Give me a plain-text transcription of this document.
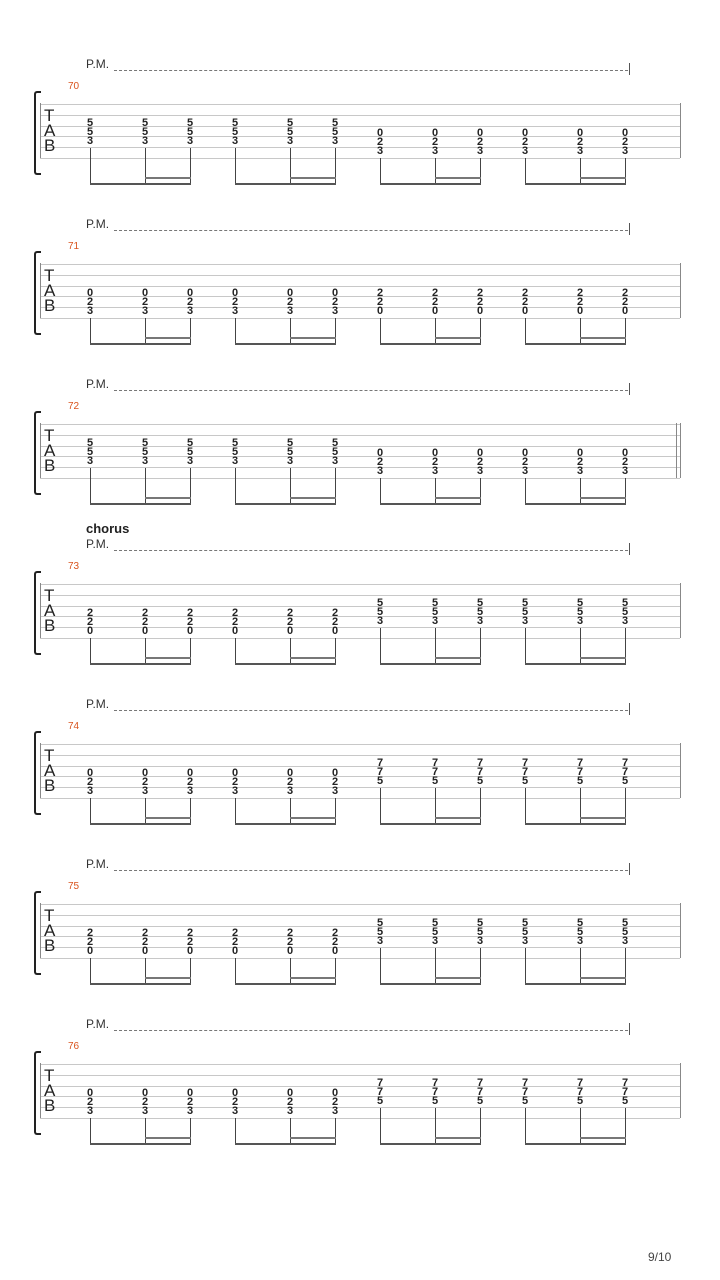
P.M.
70
T
A
B
5
5
3
5
5
3
5
5
3
5
5
3
5
5
3
5
5
3
0
2
3
0
2
3
0
2
3
0
2
3
0
2
3
0
2
3
P.M.
71
T
A
B
0
2
3
0
2
3
0
2
3
0
2
3
0
2
3
0
2
3
2
2
0
2
2
0
2
2
0
2
2
0
2
2
0
2
2
0
P.M.
72
T
A
B
5
5
3
5
5
3
5
5
3
5
5
3
5
5
3
5
5
3
0
2
3
0
2
3
0
2
3
0
2
3
0
2
3
0
2
3
chorus
P.M.
73
T
A
B
2
2
0
2
2
0
2
2
0
2
2
0
2
2
0
2
2
0
5
5
3
5
5
3
5
5
3
5
5
3
5
5
3
5
5
3
P.M.
74
T
A
B
0
2
3
0
2
3
0
2
3
0
2
3
0
2
3
0
2
3
7
7
5
7
7
5
7
7
5
7
7
5
7
7
5
7
7
5
P.M.
75
T
A
B
2
2
0
2
2
0
2
2
0
2
2
0
2
2
0
2
2
0
5
5
3
5
5
3
5
5
3
5
5
3
5
5
3
5
5
3
P.M.
76
T
A
B
0
2
3
0
2
3
0
2
3
0
2
3
0
2
3
0
2
3
7
7
5
7
7
5
7
7
5
7
7
5
7
7
5
7
7
5
9/10
